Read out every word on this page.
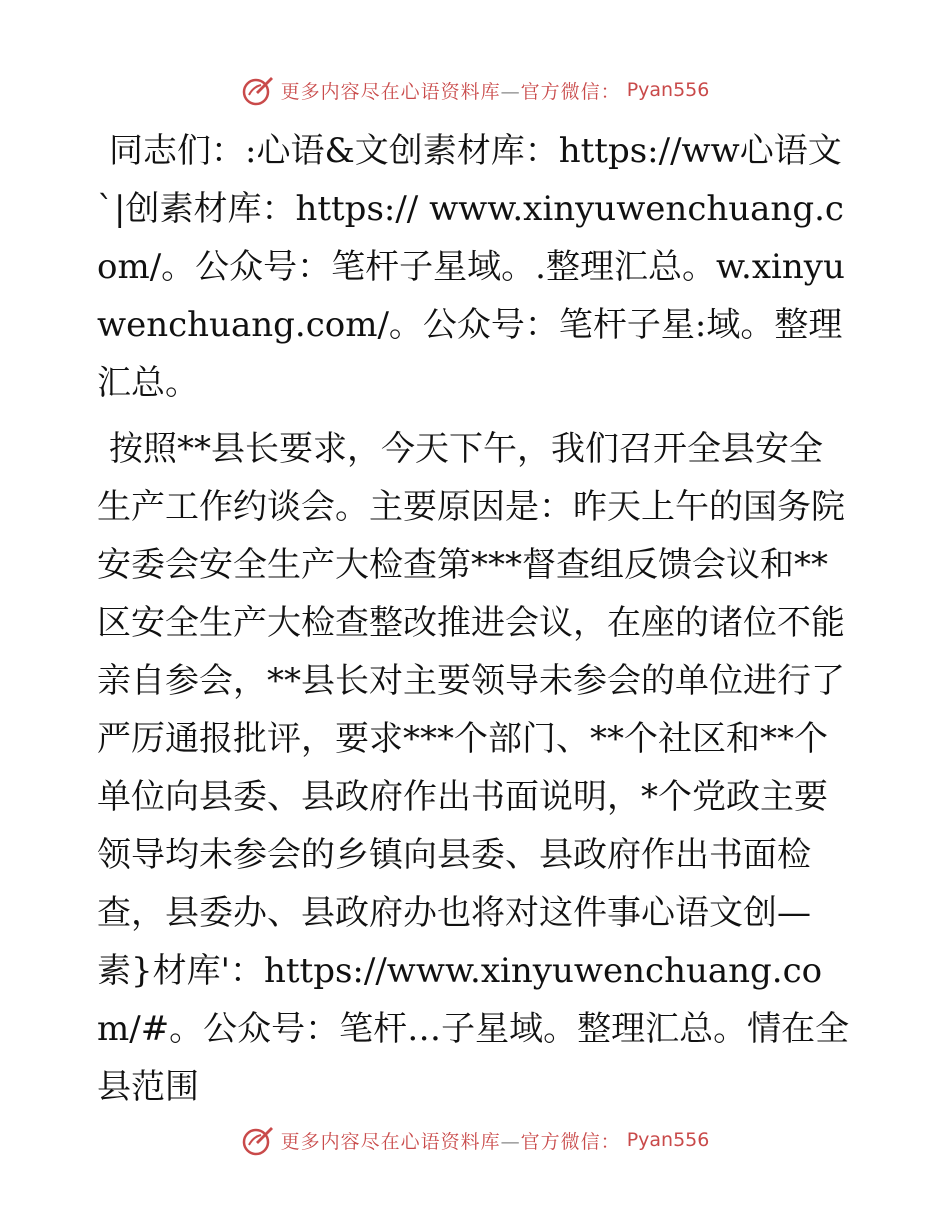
更多内容尽在心语资料库—官方微信： Pyan556

同志们：:心语&文创素材库：https://ww心语文`|创素材库：https:// www.xinyuwenchuang.com/。公众号：笔杆子星域。.整理汇总。w.xinyuwenchuang.com/。公众号：笔杆子星:域。整理汇总。

按照**县长要求，今天下午，我们召开全县安全生产工作约谈会。主要原因是：昨天上午的国务院安委会安全生产大检查第***督查组反馈会议和**区安全生产大检查整改推进会议，在座的诸位不能亲自参会，**县长对主要领导未参会的单位进行了严厉通报批评，要求***个部门、**个社区和**个单位向县委、县政府作出书面说明，*个党政主要领导均未参会的乡镇向县委、县政府作出书面检查，县委办、县政府办也将对这件事心语文创—素}材库'：https://www.xinyuwenchuang.com/#。公众号：笔杆…子星域。整理汇总。情在全县范围

更多内容尽在心语资料库—官方微信： Pyan556
